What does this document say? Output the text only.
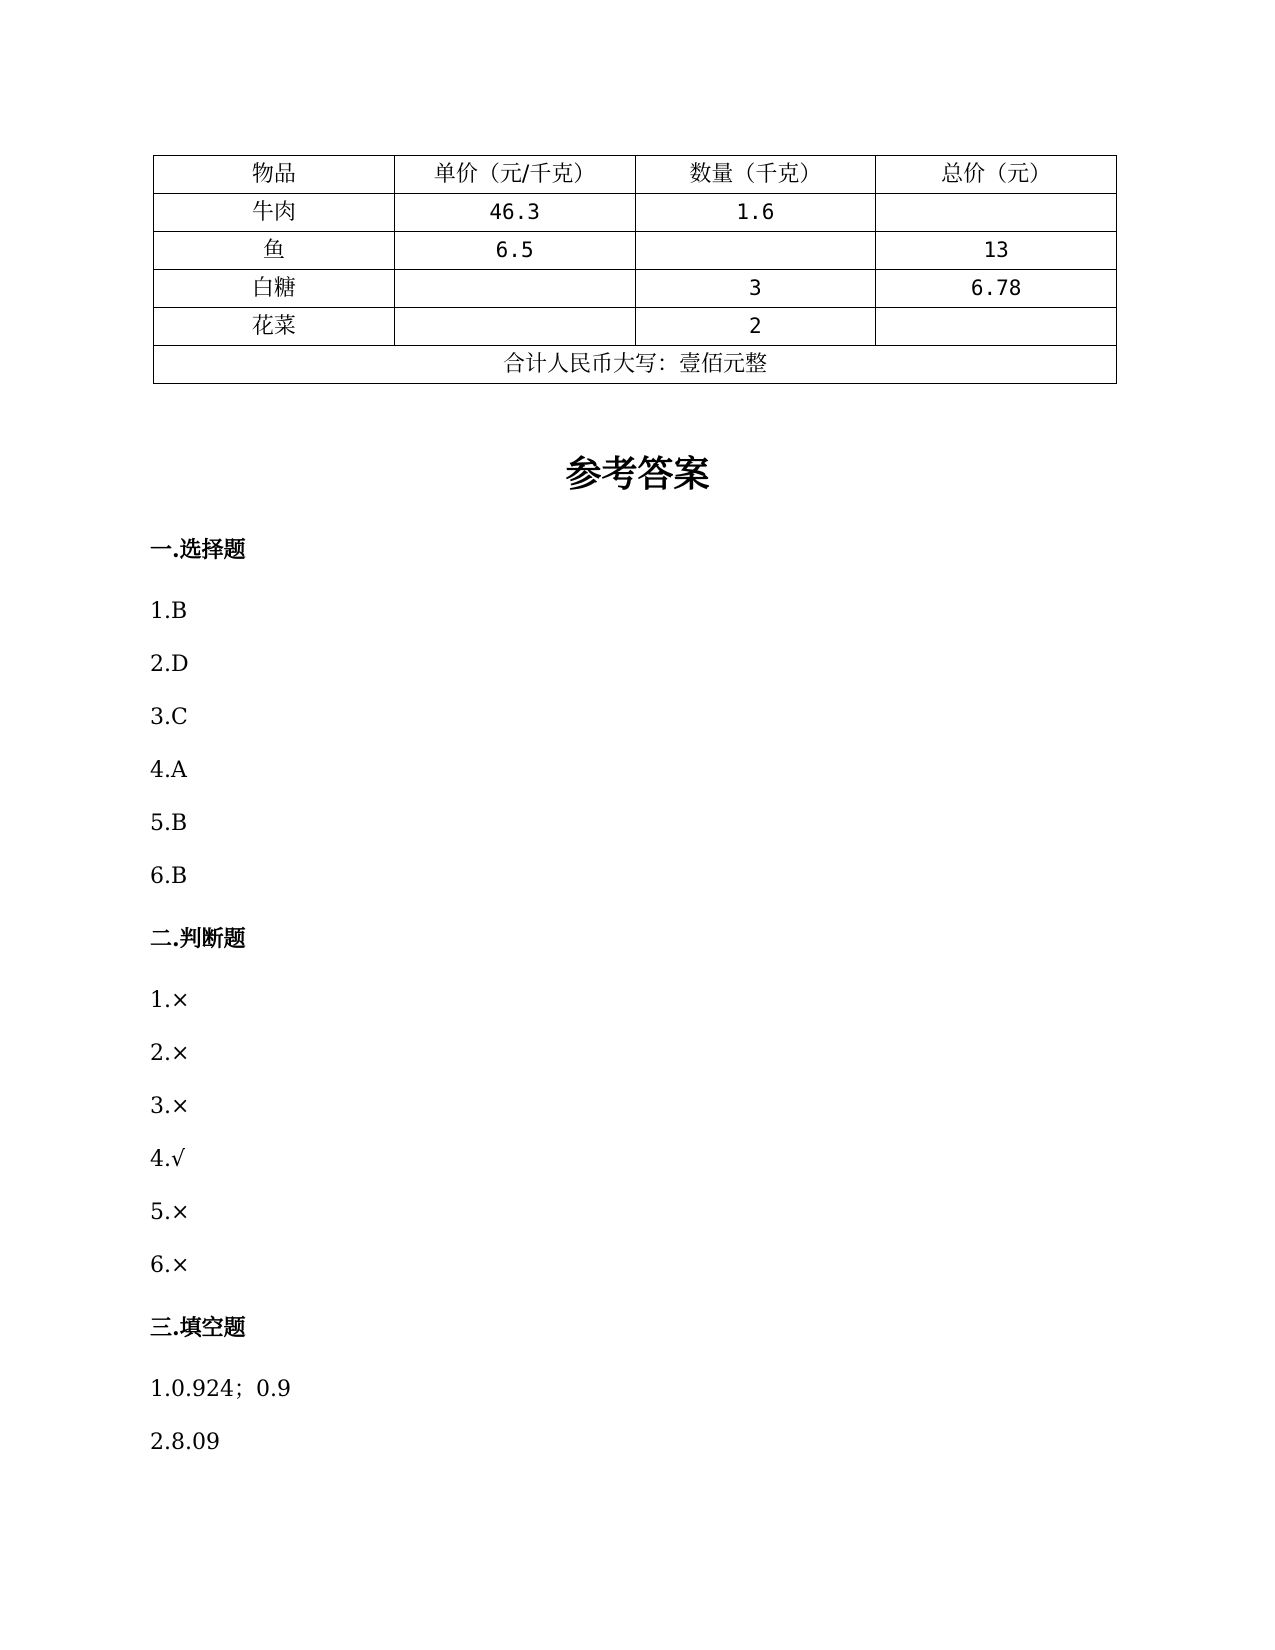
物品	单价（元/千克）	数量（千克）	总价（元）
牛肉	46.3	1.6	
鱼	6.5		13
白糖		3	6.78
花菜		2	
合计人民币大写：壹佰元整			
参考答案
一.选择题
1.B
2.D
3.C
4.A
5.B
6.B
二.判断题
1.×
2.×
3.×
4.√
5.×
6.×
三.填空题
1.0.924；0.9
2.8.09
